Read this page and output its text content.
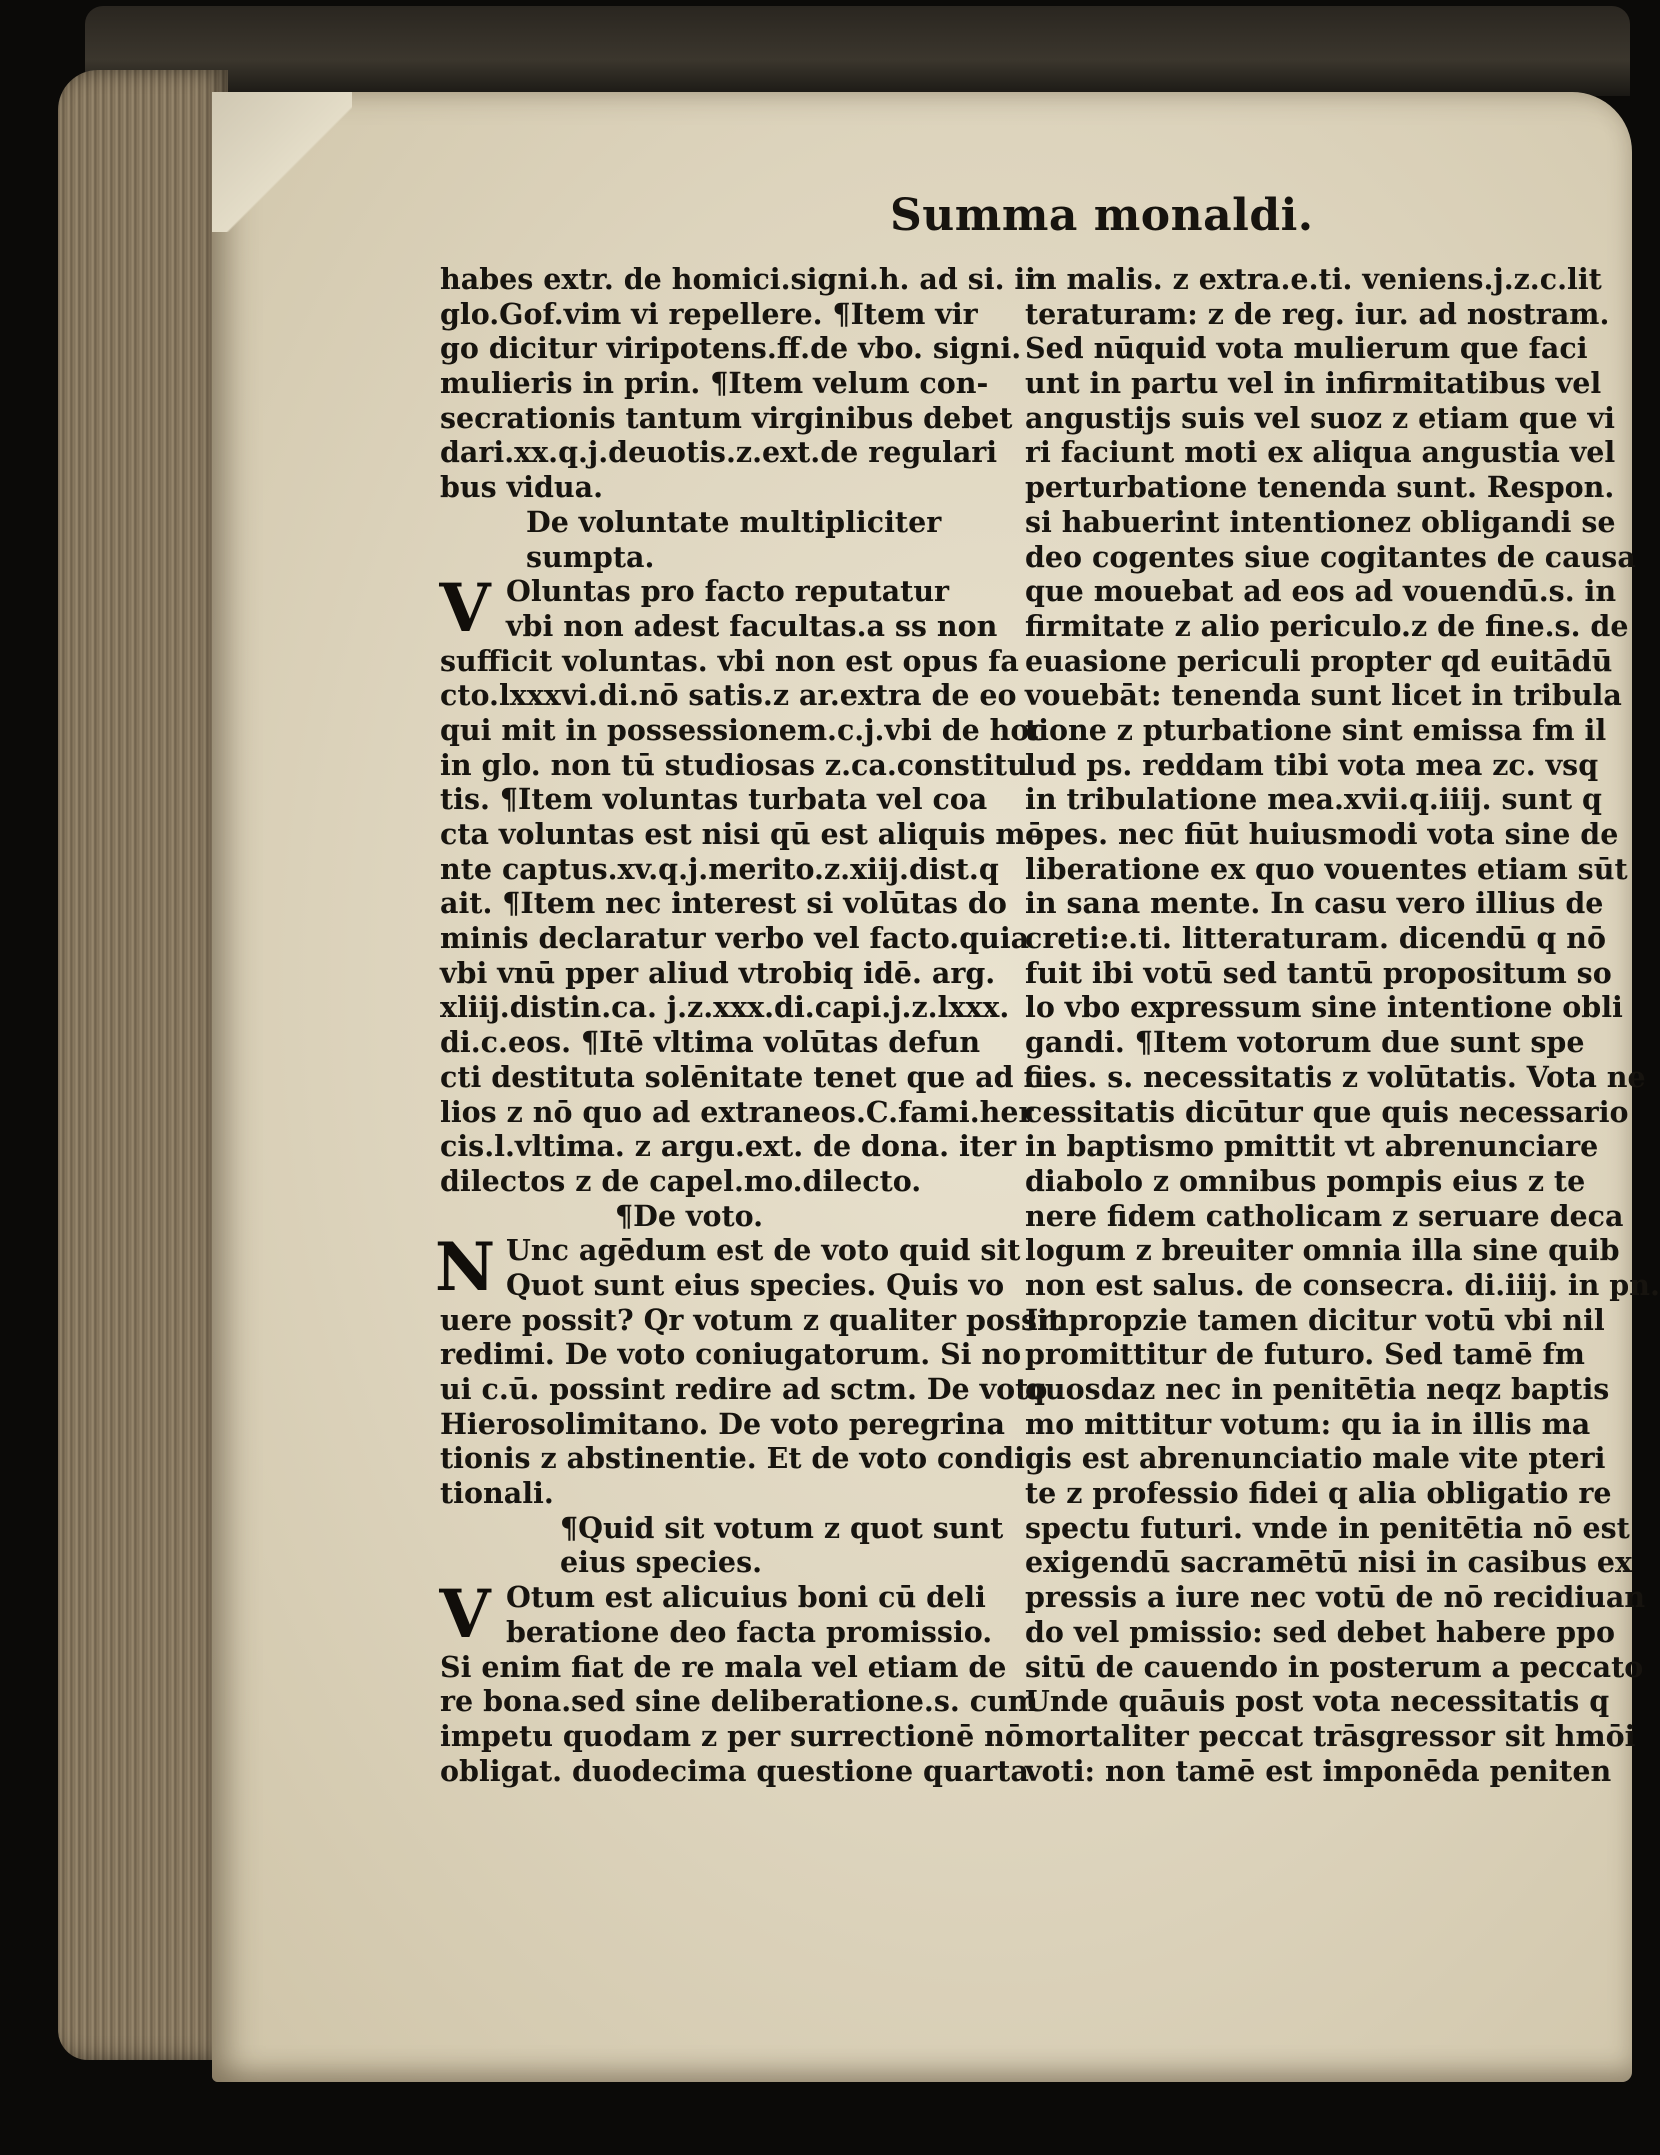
Summa monaldi.
habes extr. de homici.signi.h. ad si. in
glo.Gof.vim vi repellere. ¶Item vir
go dicitur viripotens.ff.de vbo. signi.
mulieris in prin. ¶Item velum con-
secrationis tantum virginibus debet
dari.xx.q.j.deuotis.z.ext.de regulari
bus vidua.
De voluntate multipliciter
sumpta.
V Oluntas pro facto reputatur
vbi non adest facultas.a ss non
sufficit voluntas. vbi non est opus fa
cto.lxxxvi.di.nō satis.z ar.extra de eo
qui mit in possessionem.c.j.vbi de hoc
in glo. non tū studiosas z.ca.constitu
tis. ¶Item voluntas turbata vel coa
cta voluntas est nisi qū est aliquis mē
nte captus.xv.q.j.merito.z.xiij.dist.q
ait. ¶Item nec interest si volūtas do
minis declaratur verbo vel facto.quia
vbi vnū pper aliud vtrobiq idē. arg.
xliij.distin.ca. j.z.xxx.di.capi.j.z.lxxx.
di.c.eos. ¶Itē vltima volūtas defun
cti destituta solēnitate tenet que ad fi
lios z nō quo ad extraneos.C.fami.her
cis.l.vltima. z argu.ext. de dona. iter
dilectos z de capel.mo.dilecto.
¶De voto.
N Unc agēdum est de voto quid sit
Quot sunt eius species. Quis vo
uere possit? Qr votum z qualiter possit
redimi. De voto coniugatorum. Si no
ui c.ū. possint redire ad sctm. De voto
Hierosolimitano. De voto peregrina
tionis z abstinentie. Et de voto condi
tionali.
¶Quid sit votum z quot sunt
eius species.
V Otum est alicuius boni cū deli
beratione deo facta promissio.
Si enim fiat de re mala vel etiam de
re bona.sed sine deliberatione.s. cum
impetu quodam z per surrectionē nō
obligat. duodecima questione quarta
in malis. z extra.e.ti. veniens.j.z.c.lit
teraturam: z de reg. iur. ad nostram.
Sed nūquid vota mulierum que faci
unt in partu vel in infirmitatibus vel
angustijs suis vel suoz z etiam que vi
ri faciunt moti ex aliqua angustia vel
perturbatione tenenda sunt. Respon.
si habuerint intentionez obligandi se
deo cogentes siue cogitantes de causa
que mouebat ad eos ad vouendū.s. in
firmitate z alio periculo.z de fine.s. de
euasione periculi propter qd euitādū
vouebāt: tenenda sunt licet in tribula
tione z pturbatione sint emissa fm il
lud ps. reddam tibi vota mea zc. vsq
in tribulatione mea.xvii.q.iiij. sunt q
opes. nec fiūt huiusmodi vota sine de
liberatione ex quo vouentes etiam sūt
in sana mente. In casu vero illius de
creti:e.ti. litteraturam. dicendū q nō
fuit ibi votū sed tantū propositum so
lo vbo expressum sine intentione obli
gandi. ¶Item votorum due sunt spe
cies. s. necessitatis z volūtatis. Vota ne
cessitatis dicūtur que quis necessario
in baptismo pmittit vt abrenunciare
diabolo z omnibus pompis eius z te
nere fidem catholicam z seruare deca
logum z breuiter omnia illa sine quib
non est salus. de consecra. di.iiij. in pn.
Impropzie tamen dicitur votū vbi nil
promittitur de futuro. Sed tamē fm
quosdaz nec in penitētia neqz baptis
mo mittitur votum: qu ia in illis ma
gis est abrenunciatio male vite pteri
te z professio fidei q alia obligatio re
spectu futuri. vnde in penitētia nō est
exigendū sacramētū nisi in casibus ex
pressis a iure nec votū de nō recidiuan
do vel pmissio: sed debet habere ppo
sitū de cauendo in posterum a peccato
Unde quāuis post vota necessitatis q
mortaliter peccat trāsgressor sit hmōi
voti: non tamē est imponēda peniten
